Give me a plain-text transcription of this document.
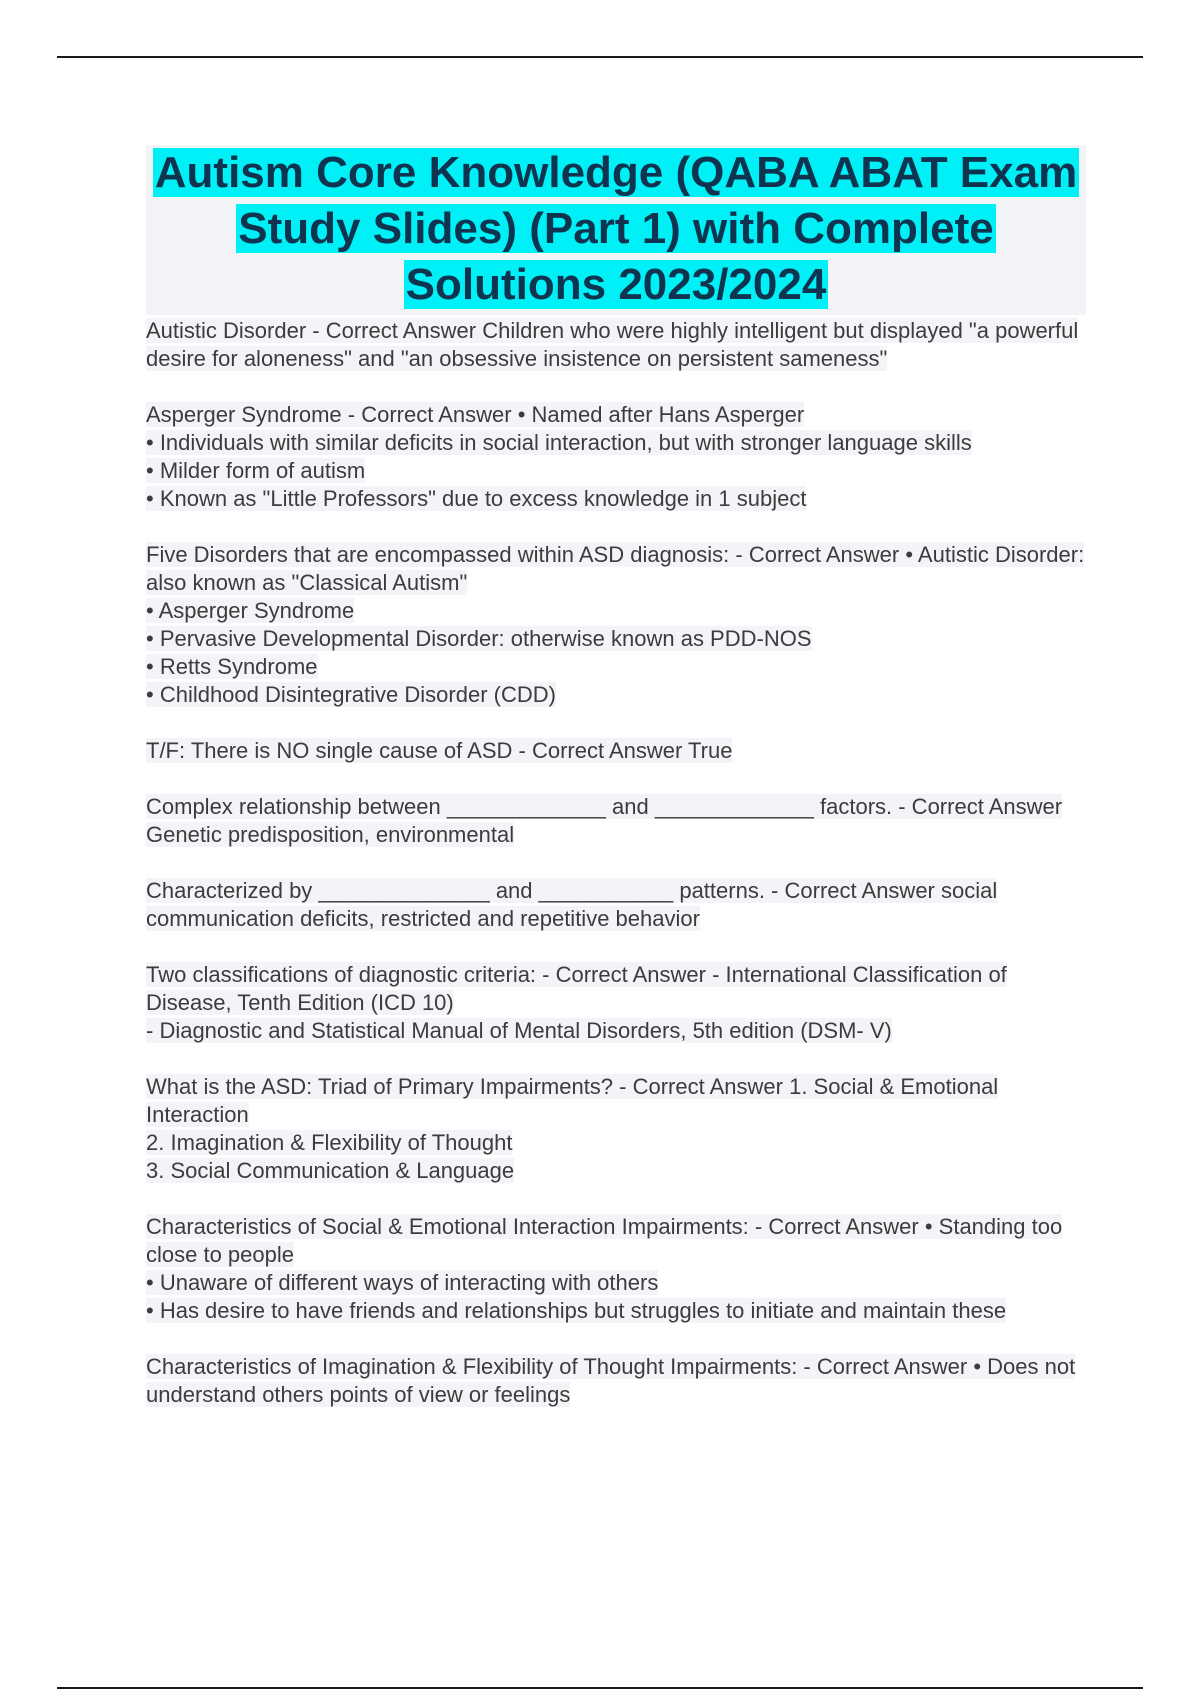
Autism Core Knowledge (QABA ABAT Exam Study Slides) (Part 1) with Complete Solutions 2023/2024
Autistic Disorder - Correct Answer Children who were highly intelligent but displayed "a powerful desire for aloneness" and "an obsessive insistence on persistent sameness"
Asperger Syndrome - Correct Answer • Named after Hans Asperger
• Individuals with similar deficits in social interaction, but with stronger language skills
• Milder form of autism
• Known as "Little Professors" due to excess knowledge in 1 subject
Five Disorders that are encompassed within ASD diagnosis: - Correct Answer • Autistic Disorder: also known as "Classical Autism"
• Asperger Syndrome
• Pervasive Developmental Disorder: otherwise known as PDD-NOS
• Retts Syndrome
• Childhood Disintegrative Disorder (CDD)
T/F: There is NO single cause of ASD - Correct Answer True
Complex relationship between _____________ and _____________ factors. - Correct Answer Genetic predisposition, environmental
Characterized by ______________ and ___________ patterns. - Correct Answer social communication deficits, restricted and repetitive behavior
Two classifications of diagnostic criteria: - Correct Answer - International Classification of Disease, Tenth Edition (ICD 10)
- Diagnostic and Statistical Manual of Mental Disorders, 5th edition (DSM- V)
What is the ASD: Triad of Primary Impairments? - Correct Answer 1. Social & Emotional Interaction
2. Imagination & Flexibility of Thought
3. Social Communication & Language
Characteristics of Social & Emotional Interaction Impairments: - Correct Answer • Standing too close to people
• Unaware of different ways of interacting with others
• Has desire to have friends and relationships but struggles to initiate and maintain these
Characteristics of Imagination & Flexibility of Thought Impairments: - Correct Answer • Does not understand others points of view or feelings
